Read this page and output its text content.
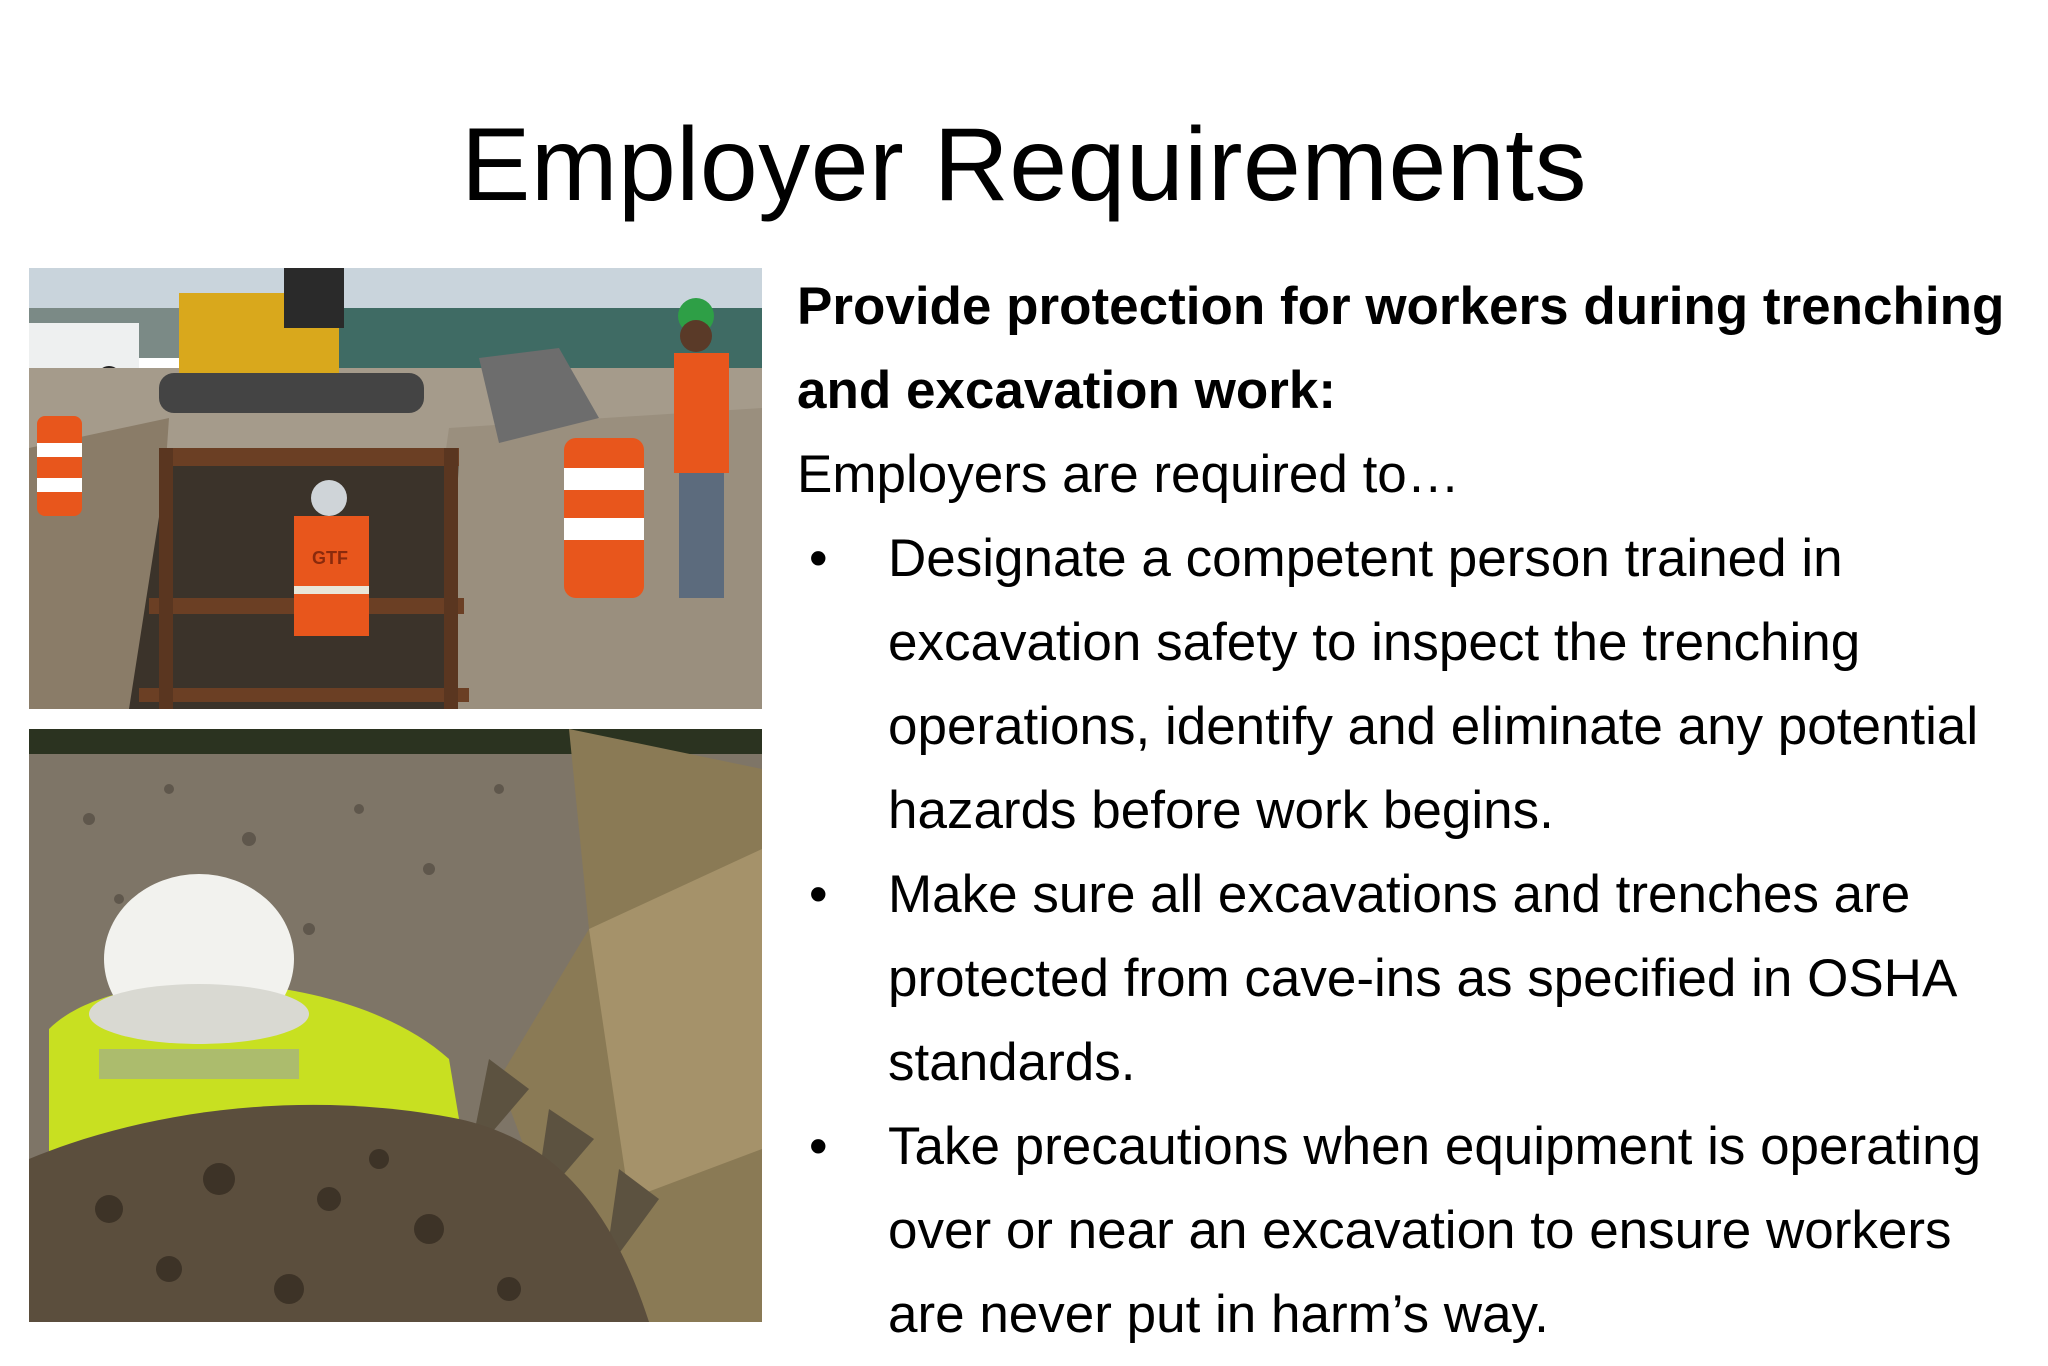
Employer Requirements
GTF

Provide protection for workers during trenching and excavation work:

Employers are required to…

• Designate a competent person trained in excavation safety to inspect the trenching operations, identify and eliminate any potential hazards before work begins.
• Make sure all excavations and trenches are protected from cave-ins as specified in OSHA standards.
• Take precautions when equipment is operating over or near an excavation to ensure workers are never put in harm’s way.
